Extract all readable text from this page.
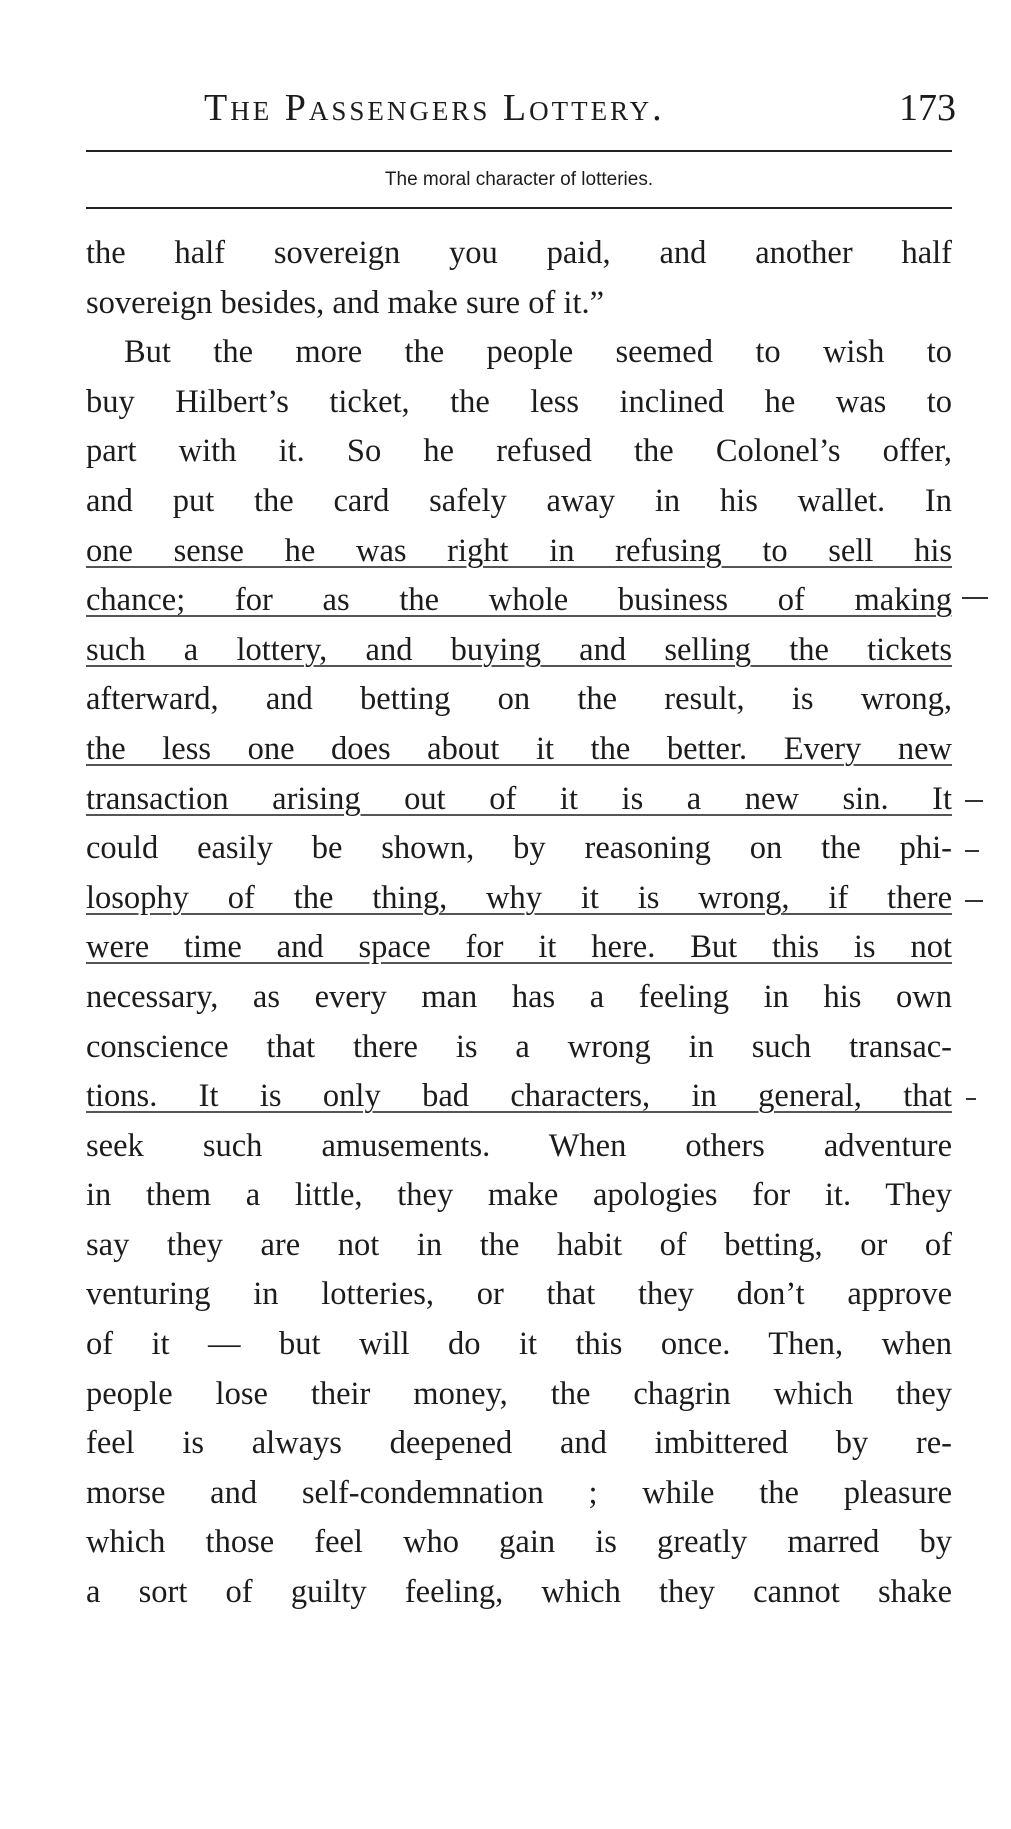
The Passengers Lottery.	173
The moral character of lotteries.
the half sovereign you paid, and another half
sovereign besides, and make sure of it.”
But the more the people seemed to wish to
buy Hilbert’s ticket, the less inclined he was to
part with it. So he refused the Colonel’s offer,
and put the card safely away in his wallet. In
one sense he was right in refusing to sell his
chance; for as the whole business of making
such a lottery, and buying and selling the tickets
afterward, and betting on the result, is wrong,
the less one does about it the better. Every new
transaction arising out of it is a new sin. It
could easily be shown, by reasoning on the phi-
losophy of the thing, why it is wrong, if there
were time and space for it here. But this is not
necessary, as every man has a feeling in his own
conscience that there is a wrong in such transac-
tions. It is only bad characters, in general, that
seek such amusements. When others adventure
in them a little, they make apologies for it. They
say they are not in the habit of betting, or of
venturing in lotteries, or that they don’t approve
of it — but will do it this once. Then, when
people lose their money, the chagrin which they
feel is always deepened and imbittered by re-
morse and self-condemnation ; while the pleasure
which those feel who gain is greatly marred by
a sort of guilty feeling, which they cannot shake
